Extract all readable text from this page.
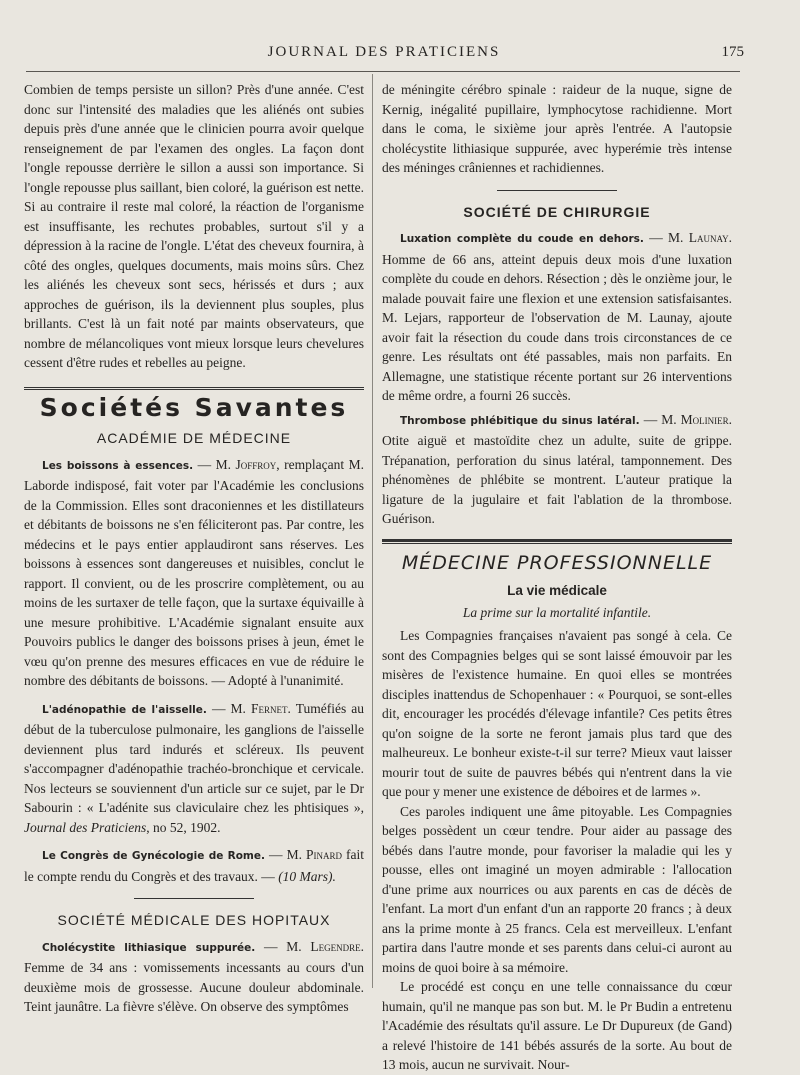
JOURNAL DES PRATICIENS	175

Combien de temps persiste un sillon? Près d'une année. C'est donc sur l'intensité des maladies que les aliénés ont subies depuis près d'une année que le clinicien pourra avoir quelque renseignement de par l'examen des ongles. La façon dont l'ongle repousse derrière le sillon a aussi son importance. Si l'ongle repousse plus saillant, bien coloré, la guérison est nette. Si au contraire il reste mal coloré, la réaction de l'organisme est insuffisante, les rechutes probables, surtout s'il y a dépression à la racine de l'ongle. L'état des cheveux fournira, à côté des ongles, quelques documents, mais moins sûrs. Chez les aliénés les cheveux sont secs, hérissés et durs ; aux approches de guérison, ils la deviennent plus souples, plus brillants. C'est là un fait noté par maints observateurs, que nombre de mélancoliques vont mieux lorsque leurs chevelures cessent d'être rudes et rebelles au peigne.

Sociétés Savantes
ACADÉMIE DE MÉDECINE

Les boissons à essences. — M. Joffroy, remplaçant M. Laborde indisposé, fait voter par l'Académie les conclusions de la Commission. Elles sont draconiennes et les distillateurs et débitants de boissons ne s'en féliciteront pas. Par contre, les médecins et le pays entier applaudiront sans réserves. Les boissons à essences sont dangereuses et nuisibles, conclut le rapport. Il convient, ou de les proscrire complètement, ou au moins de les surtaxer de telle façon, que la surtaxe équivaille à une mesure prohibitive. L'Académie signalant ensuite aux Pouvoirs publics le danger des boissons prises à jeun, émet le vœu qu'on prenne des mesures efficaces en vue de réduire le nombre des débitants de boissons. — Adopté à l'unanimité.

L'adénopathie de l'aisselle. — M. Fernet. Tuméfiés au début de la tuberculose pulmonaire, les ganglions de l'aisselle deviennent plus tard indurés et scléreux. Ils peuvent s'accompagner d'adénopathie trachéo-bronchique et cervicale. Nos lecteurs se souviennent d'un article sur ce sujet, par le Dr Sabourin : « L'adénite sus claviculaire chez les phtisiques », Journal des Praticiens, no 52, 1902.

Le Congrès de Gynécologie de Rome. — M. Pinard fait le compte rendu du Congrès et des travaux. — (10 Mars).

SOCIÉTÉ MÉDICALE DES HOPITAUX

Cholécystite lithiasique suppurée. — M. Legendre. Femme de 34 ans : vomissements incessants au cours d'un deuxième mois de grossesse. Aucune douleur abdominale. Teint jaunâtre. La fièvre s'élève. On observe des symptômes

de méningite cérébro spinale : raideur de la nuque, signe de Kernig, inégalité pupillaire, lymphocytose rachidienne. Mort dans le coma, le sixième jour après l'entrée. A l'autopsie cholécystite lithiasique suppurée, avec hyperémie très intense des méninges crâniennes et rachidiennes.

SOCIÉTÉ DE CHIRURGIE

Luxation complète du coude en dehors. — M. Launay. Homme de 66 ans, atteint depuis deux mois d'une luxation complète du coude en dehors. Résection ; dès le onzième jour, le malade pouvait faire une flexion et une extension satisfaisantes. M. Lejars, rapporteur de l'observation de M. Launay, ajoute avoir fait la résection du coude dans trois circonstances de ce genre. Les résultats ont été passables, mais non parfaits. En Allemagne, une statistique récente portant sur 26 interventions de même ordre, a fourni 26 succès.

Thrombose phlébitique du sinus latéral. — M. Molinier. Otite aiguë et mastoïdite chez un adulte, suite de grippe. Trépanation, perforation du sinus latéral, tamponnement. Des phénomènes de phlébite se montrent. L'auteur pratique la ligature de la jugulaire et fait l'ablation de la thrombose. Guérison.

MÉDECINE PROFESSIONNELLE
La vie médicale
La prime sur la mortalité infantile.

Les Compagnies françaises n'avaient pas songé à cela. Ce sont des Compagnies belges qui se sont laissé émouvoir par les misères de l'existence humaine. En quoi elles se montrées disciples inattendus de Schopenhauer : « Pourquoi, se sont-elles dit, encourager les procédés d'élevage infantile? Ces petits êtres qu'on soigne de la sorte ne feront jamais plus tard que des malheureux. Le bonheur existe-t-il sur terre? Mieux vaut laisser mourir tout de suite de pauvres bébés qui n'entrent dans la vie que pour y mener une existence de déboires et de larmes ».

Ces paroles indiquent une âme pitoyable. Les Compagnies belges possèdent un cœur tendre. Pour aider au passage des bébés dans l'autre monde, pour favoriser la maladie qui les y pousse, elles ont imaginé un moyen admirable : l'allocation d'une prime aux nourrices ou aux parents en cas de décès de l'enfant. La mort d'un enfant d'un an rapporte 20 francs ; à deux ans la prime monte à 25 francs. Cela est merveilleux. L'enfant partira dans l'autre monde et ses parents dans celui-ci auront au moins de quoi boire à sa mémoire.

Le procédé est conçu en une telle connaissance du cœur humain, qu'il ne manque pas son but. M. le Pr Budin a entretenu l'Académie des résultats qu'il assure. Le Dr Dupureux (de Gand) a relevé l'histoire de 141 bébés assurés de la sorte. Au bout de 13 mois, aucun ne survivait. Nour-
